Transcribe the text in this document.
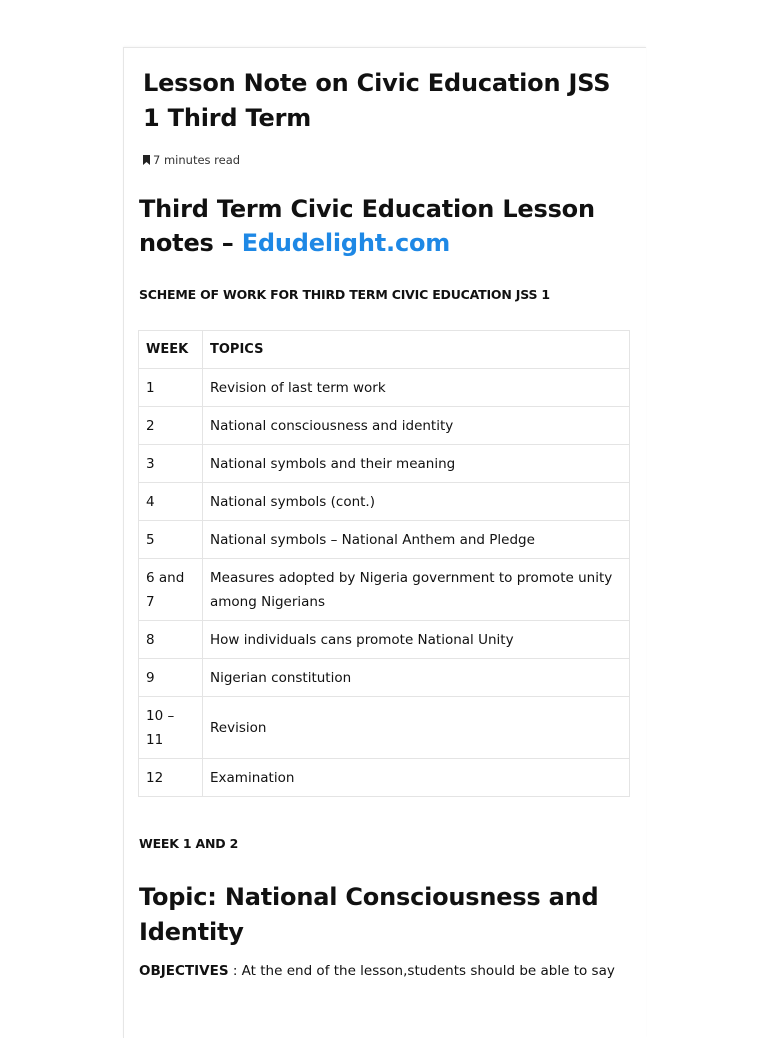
Lesson Note on Civic Education JSS 1 Third Term
7 minutes read
Third Term Civic Education Lesson notes – Edudelight.com
SCHEME OF WORK FOR THIRD TERM CIVIC EDUCATION JSS 1
WEEK	TOPICS
1	Revision of last term work
2	National consciousness and identity
3	National symbols and their meaning
4	National symbols (cont.)
5	National symbols – National Anthem and Pledge
6 and 7	Measures adopted by Nigeria government to promote unity among Nigerians
8	How individuals cans promote National Unity
9	Nigerian constitution
10 – 11	Revision
12	Examination
WEEK 1 AND 2
Topic: National Consciousness and Identity
OBJECTIVES : At the end of the lesson,students should be able to say
